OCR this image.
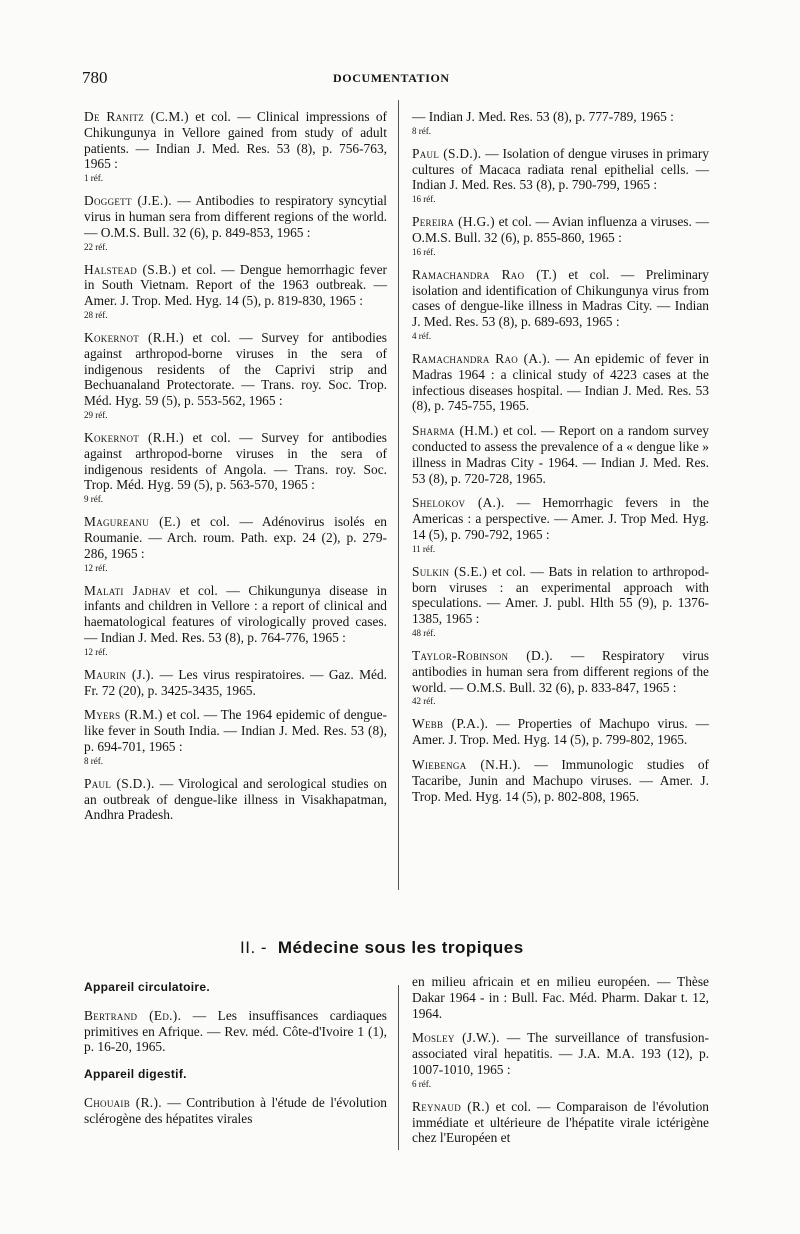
780	DOCUMENTATION
De Ranitz (C.M.) et col. — Clinical impressions of Chikungunya in Vellore gained from study of adult patients. — Indian J. Med. Res. 53 (8), p. 756-763, 1965 :
1 réf.
Doggett (J.E.). — Antibodies to respiratory syncytial virus in human sera from different regions of the world. — O.M.S. Bull. 32 (6), p. 849-853, 1965 :
22 réf.
Halstead (S.B.) et col. — Dengue hemorrhagic fever in South Vietnam. Report of the 1963 outbreak. — Amer. J. Trop. Med. Hyg. 14 (5), p. 819-830, 1965 :
28 réf.
Kokernot (R.H.) et col. — Survey for antibodies against arthropod-borne viruses in the sera of indigenous residents of the Caprivi strip and Bechuanaland Protectorate. — Trans. roy. Soc. Trop. Méd. Hyg. 59 (5), p. 553-562, 1965 :
29 réf.
Kokernot (R.H.) et col. — Survey for antibodies against arthropod-borne viruses in the sera of indigenous residents of Angola. — Trans. roy. Soc. Trop. Méd. Hyg. 59 (5), p. 563-570, 1965 :
9 réf.
Magureanu (E.) et col. — Adénovirus isolés en Roumanie. — Arch. roum. Path. exp. 24 (2), p. 279-286, 1965 :
12 réf.
Malati Jadhav et col. — Chikungunya disease in infants and children in Vellore : a report of clinical and haematological features of virologically proved cases. — Indian J. Med. Res. 53 (8), p. 764-776, 1965 :
12 réf.
Maurin (J.). — Les virus respiratoires. — Gaz. Méd. Fr. 72 (20), p. 3425-3435, 1965.
Myers (R.M.) et col. — The 1964 epidemic of dengue-like fever in South India. — Indian J. Med. Res. 53 (8), p. 694-701, 1965 :
8 réf.
Paul (S.D.). — Virological and serological studies on an outbreak of dengue-like illness in Visakhapatman, Andhra Pradesh.
— Indian J. Med. Res. 53 (8), p. 777-789, 1965 :
8 réf.
Paul (S.D.). — Isolation of dengue viruses in primary cultures of Macaca radiata renal epithelial cells. — Indian J. Med. Res. 53 (8), p. 790-799, 1965 :
16 réf.
Pereira (H.G.) et col. — Avian influenza a viruses. — O.M.S. Bull. 32 (6), p. 855-860, 1965 :
16 réf.
Ramachandra Rao (T.) et col. — Preliminary isolation and identification of Chikungunya virus from cases of dengue-like illness in Madras City. — Indian J. Med. Res. 53 (8), p. 689-693, 1965 :
4 réf.
Ramachandra Rao (A.). — An epidemic of fever in Madras 1964 : a clinical study of 4223 cases at the infectious diseases hospital. — Indian J. Med. Res. 53 (8), p. 745-755, 1965.
Sharma (H.M.) et col. — Report on a random survey conducted to assess the prevalence of a « dengue like » illness in Madras City - 1964. — Indian J. Med. Res. 53 (8), p. 720-728, 1965.
Shelokov (A.). — Hemorrhagic fevers in the Americas : a perspective. — Amer. J. Trop Med. Hyg. 14 (5), p. 790-792, 1965 :
11 réf.
Sulkin (S.E.) et col. — Bats in relation to arthropod-born viruses : an experimental approach with speculations. — Amer. J. publ. Hlth 55 (9), p. 1376-1385, 1965 :
48 réf.
Taylor-Robinson (D.). — Respiratory virus antibodies in human sera from different regions of the world. — O.M.S. Bull. 32 (6), p. 833-847, 1965 :
42 réf.
Webb (P.A.). — Properties of Machupo virus. — Amer. J. Trop. Med. Hyg. 14 (5), p. 799-802, 1965.
Wiebenga (N.H.). — Immunologic studies of Tacaribe, Junin and Machupo viruses. — Amer. J. Trop. Med. Hyg. 14 (5), p. 802-808, 1965.
II. - Médecine sous les tropiques
Appareil circulatoire.
Bertrand (Ed.). — Les insuffisances cardiaques primitives en Afrique. — Rev. méd. Côte-d'Ivoire 1 (1), p. 16-20, 1965.
Appareil digestif.
Chouaib (R.). — Contribution à l'étude de l'évolution sclérogène des hépatites virales
en milieu africain et en milieu européen. — Thèse Dakar 1964 - in : Bull. Fac. Méd. Pharm. Dakar t. 12, 1964.
Mosley (J.W.). — The surveillance of transfusion-associated viral hepatitis. — J.A. M.A. 193 (12), p. 1007-1010, 1965 :
6 réf.
Reynaud (R.) et col. — Comparaison de l'évolution immédiate et ultérieure de l'hépatite virale ictérigène chez l'Européen et
